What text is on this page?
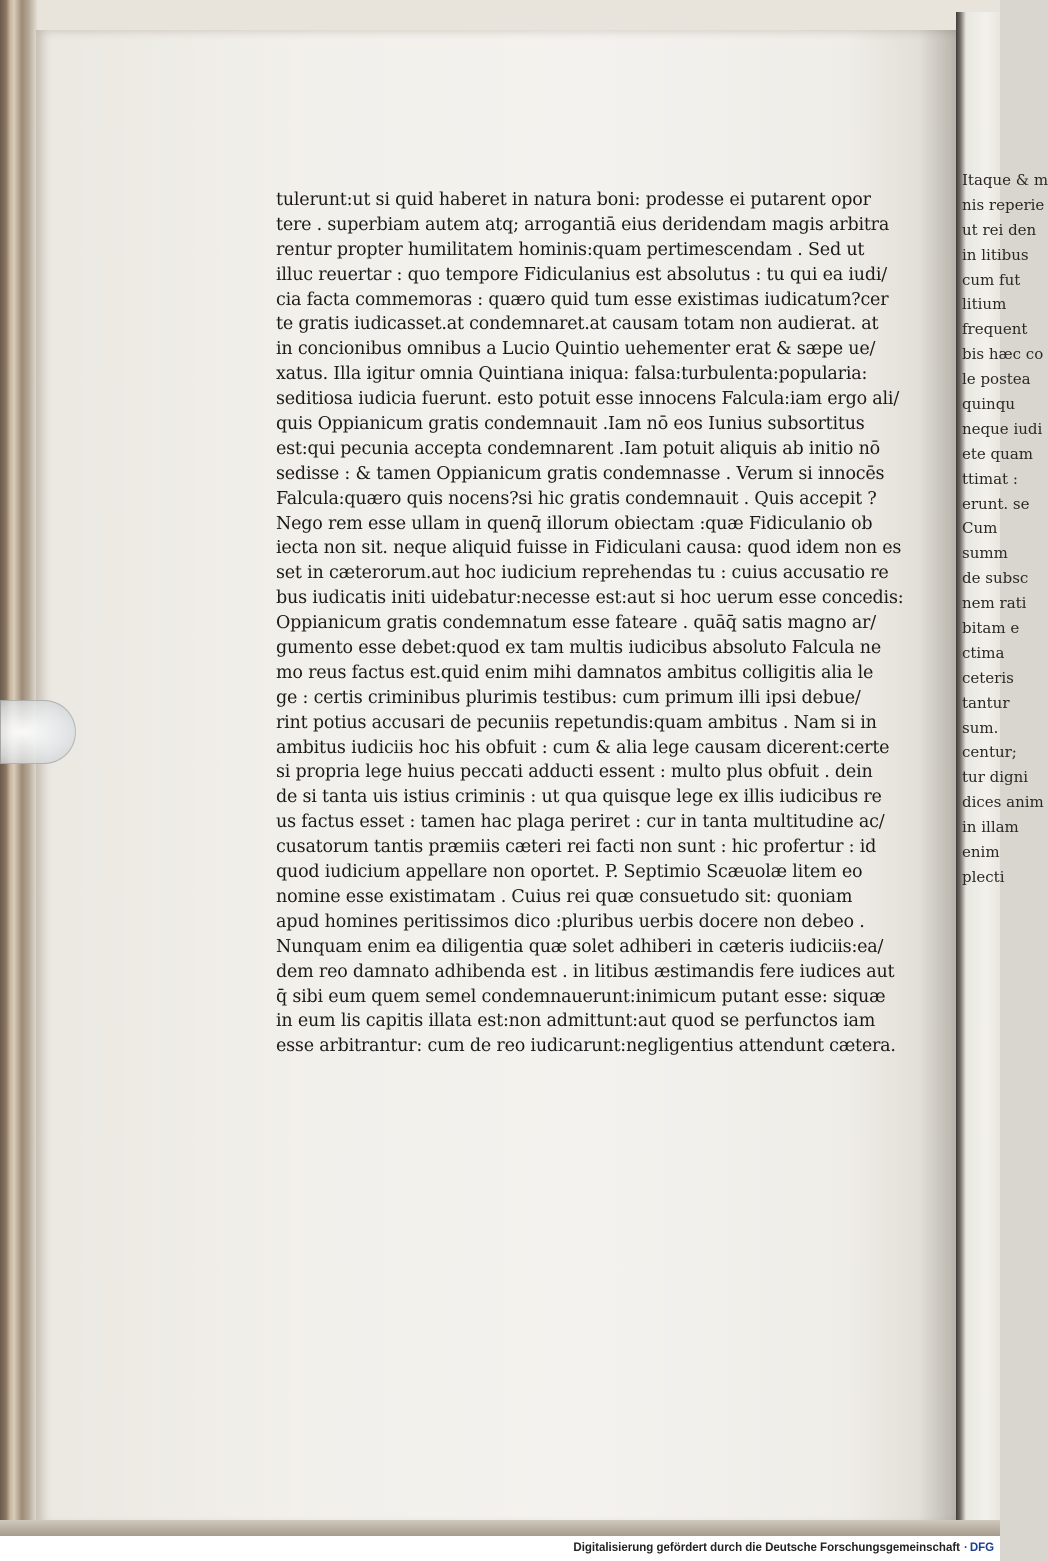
tulerunt:ut si quid haberet in natura boni: prodesse ei putarent opor
tere . superbiam autem atq; arrogantiā eius deridendam magis arbitra
rentur propter humilitatem hominis:quam pertimescendam . Sed ut
illuc reuertar : quo tempore Fidiculanius est absolutus : tu qui ea iudi/
cia facta commemoras : quæro quid tum esse existimas iudicatum?cer
te gratis iudicasset.at condemnaret.at causam totam non audierat. at
in concionibus omnibus a Lucio Quintio uehementer erat & sæpe ue/
xatus. Illa igitur omnia Quintiana iniqua: falsa:turbulenta:popularia:
seditiosa iudicia fuerunt. esto potuit esse innocens Falcula:iam ergo ali/
quis Oppianicum gratis condemnauit .Iam nō eos Iunius subsortitus
est:qui pecunia accepta condemnarent .Iam potuit aliquis ab initio nō
sedisse : & tamen Oppianicum gratis condemnasse . Verum si innocēs
Falcula:quæro quis nocens?si hic gratis condemnauit . Quis accepit ?
Nego rem esse ullam in quenq̄ illorum obiectam :quæ Fidiculanio ob
iecta non sit. neque aliquid fuisse in Fidiculani causa: quod idem non es
set in cæterorum.aut hoc iudicium reprehendas tu : cuius accusatio re
bus iudicatis initi uidebatur:necesse est:aut si hoc uerum esse concedis:
Oppianicum gratis condemnatum esse fateare . quāq̄ satis magno ar/
gumento esse debet:quod ex tam multis iudicibus absoluto Falcula ne
mo reus factus est.quid enim mihi damnatos ambitus colligitis alia le
ge : certis criminibus plurimis testibus: cum primum illi ipsi debue/
rint potius accusari de pecuniis repetundis:quam ambitus . Nam si in
ambitus iudiciis hoc his obfuit : cum & alia lege causam dicerent:certe
si propria lege huius peccati adducti essent : multo plus obfuit . dein
de si tanta uis istius criminis : ut qua quisque lege ex illis iudicibus re
us factus esset : tamen hac plaga periret : cur in tanta multitudine ac/
cusatorum tantis præmiis cæteri rei facti non sunt : hic profertur : id
quod iudicium appellare non oportet. P. Septimio Scæuolæ litem eo
nomine esse existimatam . Cuius rei quæ consuetudo sit: quoniam
apud homines peritissimos dico :pluribus uerbis docere non debeo .
Nunquam enim ea diligentia quæ solet adhiberi in cæteris iudiciis:ea/
dem reo damnato adhibenda est . in litibus æstimandis fere iudices aut
q̄ sibi eum quem semel condemnauerunt:inimicum putant esse: siquæ
in eum lis capitis illata est:non admittunt:aut quod se perfunctos iam
esse arbitrantur: cum de reo iudicarunt:negligentius attendunt cætera.
Itaque & m
nis reperie
ut rei den
in litibus
cum fut
litium
frequent
bis hæc co
le postea
quinqu
neque iudi
ete quam
ttimat :
erunt. se
Cum
summ
de subsc
nem rati
bitam e
ctima
ceteris
tantur
sum.
centur;
tur digni
dices anim
in illam
enim
plecti
Digitalisierung gefördert durch die Deutsche Forschungsgemeinschaft · DFG
